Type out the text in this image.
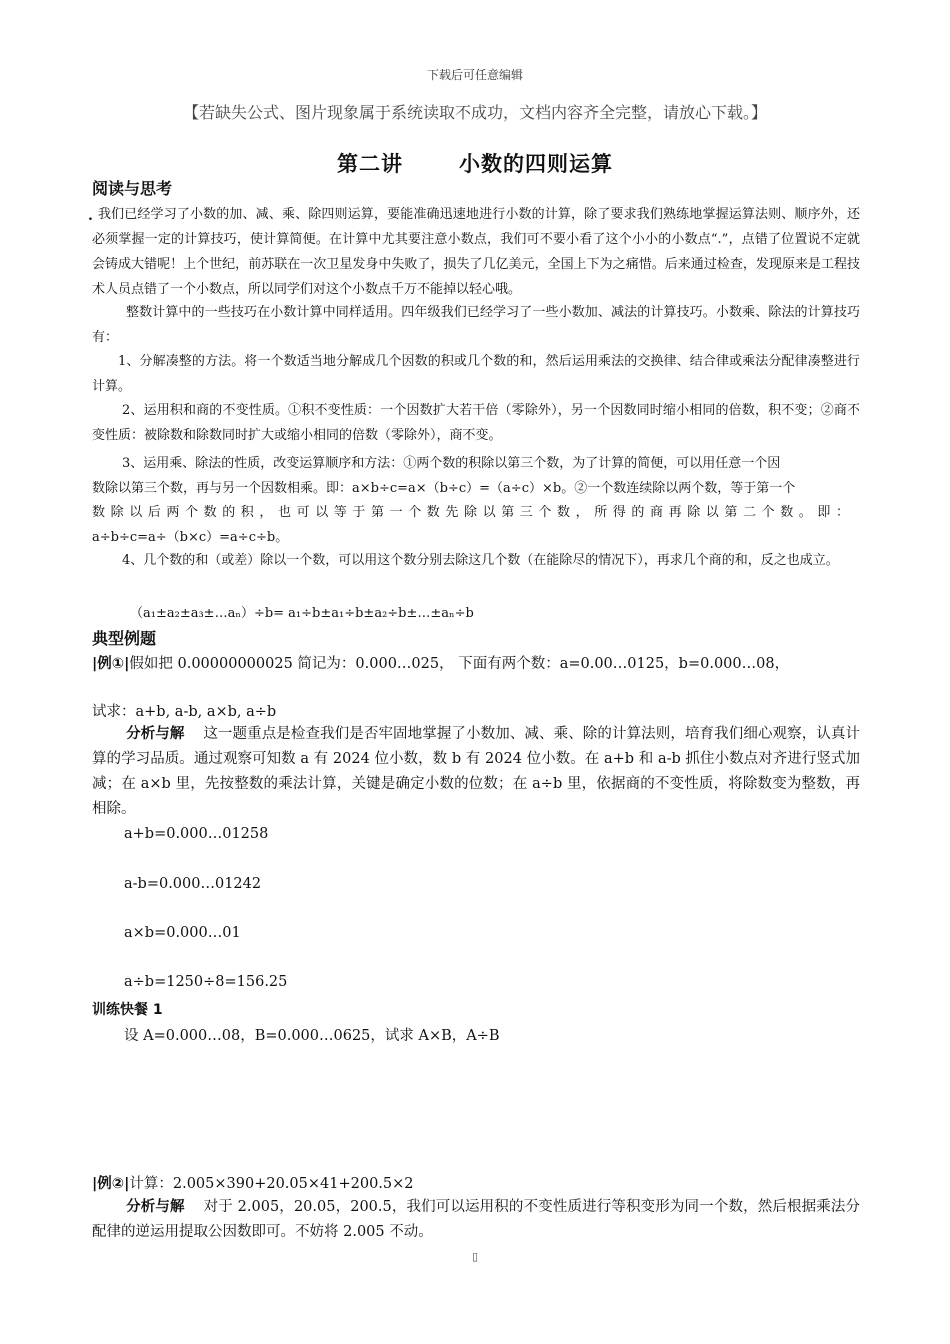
下载后可任意编辑
【若缺失公式、图片现象属于系统读取不成功，文档内容齐全完整，请放心下载。】
第二讲	小数的四则运算
阅读与思考
. 我们已经学习了小数的加、减、乘、除四则运算，要能准确迅速地进行小数的计算，除了要求我们熟练地掌握运算法则、顺序外，还必须掌握一定的计算技巧，使计算简便。在计算中尤其要注意小数点，我们可不要小看了这个小小的小数点“.”，点错了位置说不定就会铸成大错呢！上个世纪，前苏联在一次卫星发身中失败了，损失了几亿美元，全国上下为之痛惜。后来通过检查，发现原来是工程技术人员点错了一个小数点，所以同学们对这个小数点千万不能掉以轻心哦。
整数计算中的一些技巧在小数计算中同样适用。四年级我们已经学习了一些小数加、减法的计算技巧。小数乘、除法的计算技巧有：
1、分解凑整的方法。将一个数适当地分解成几个因数的积或几个数的和，然后运用乘法的交换律、结合律或乘法分配律凑整进行计算。
2、运用积和商的不变性质。①积不变性质：一个因数扩大若干倍（零除外），另一个因数同时缩小相同的倍数，积不变；②商不变性质：被除数和除数同时扩大或缩小相同的倍数（零除外），商不变。
3、运用乘、除法的性质，改变运算顺序和方法：①两个数的积除以第三个数，为了计算的简便，可以用任意一个因
数除以第三个数，再与另一个因数相乘。即：a×b÷c=a×（b÷c）=（a÷c）×b。②一个数连续除以两个数，等于第一个
数除以后两个数的积，也可以等于第一个数先除以第三个数，所得的商再除以第二个数。即：
a÷b÷c=a÷（b×c）=a÷c÷b。
4、几个数的和（或差）除以一个数，可以用这个数分别去除这几个数（在能除尽的情况下），再求几个商的和，反之也成立。
（a₁±a₂±a₃±…aₙ）÷b= a₁÷b±a₁÷b±a₂÷b±…±aₙ÷b
典型例题
|例①|假如把 0.00000000025 简记为：0.000…025， 下面有两个数：a=0.00…0125，b=0.000…08，
试求：a+b, a-b, a×b, a÷b
分析与解 这一题重点是检查我们是否牢固地掌握了小数加、减、乘、除的计算法则，培育我们细心观察，认真计算的学习品质。通过观察可知数 a 有 2024 位小数，数 b 有 2024 位小数。在 a+b 和 a-b 抓住小数点对齐进行竖式加减；在 a×b 里，先按整数的乘法计算，关键是确定小数的位数；在 a÷b 里，依据商的不变性质，将除数变为整数，再相除。
a+b=0.000…01258
a-b=0.000…01242
a×b=0.000…01
a÷b=1250÷8=156.25
训练快餐 1
设 A=0.000…08，B=0.000…0625，试求 A×B，A÷B
|例②|计算：2.005×390+20.05×41+200.5×2
分析与解 对于 2.005，20.05，200.5，我们可以运用积的不变性质进行等积变形为同一个数，然后根据乘法分配律的逆运用提取公因数即可。不妨将 2.005 不动。
▯
